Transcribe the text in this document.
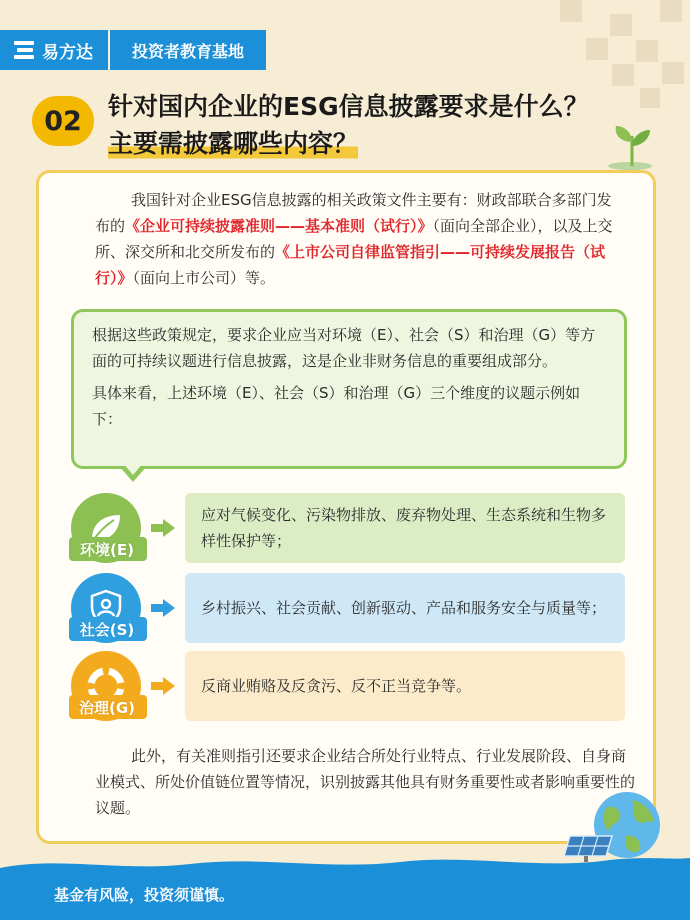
易方达	投资者教育基地
02	针对国内企业的ESG信息披露要求是什么？
主要需披露哪些内容？
我国针对企业ESG信息披露的相关政策文件主要有：财政部联合多部门发布的《企业可持续披露准则——基本准则（试行）》（面向全部企业），以及上交所、深交所和北交所发布的《上市公司自律监管指引——可持续发展报告（试行）》（面向上市公司）等。

根据这些政策规定，要求企业应当对环境（E）、社会（S）和治理（G）等方面的可持续议题进行信息披露，这是企业非财务信息的重要组成部分。

具体来看，上述环境（E）、社会（S）和治理（G）三个维度的议题示例如下：

环境(E)
应对气候变化、污染物排放、废弃物处理、生态系统和生物多样性保护等；
社会(S)
乡村振兴、社会贡献、创新驱动、产品和服务安全与质量等；
治理(G)
反商业贿赂及反贪污、反不正当竞争等。
此外，有关准则指引还要求企业结合所处行业特点、行业发展阶段、自身商业模式、所处价值链位置等情况，识别披露其他具有财务重要性或者影响重要性的议题。
基金有风险，投资须谨慎。
